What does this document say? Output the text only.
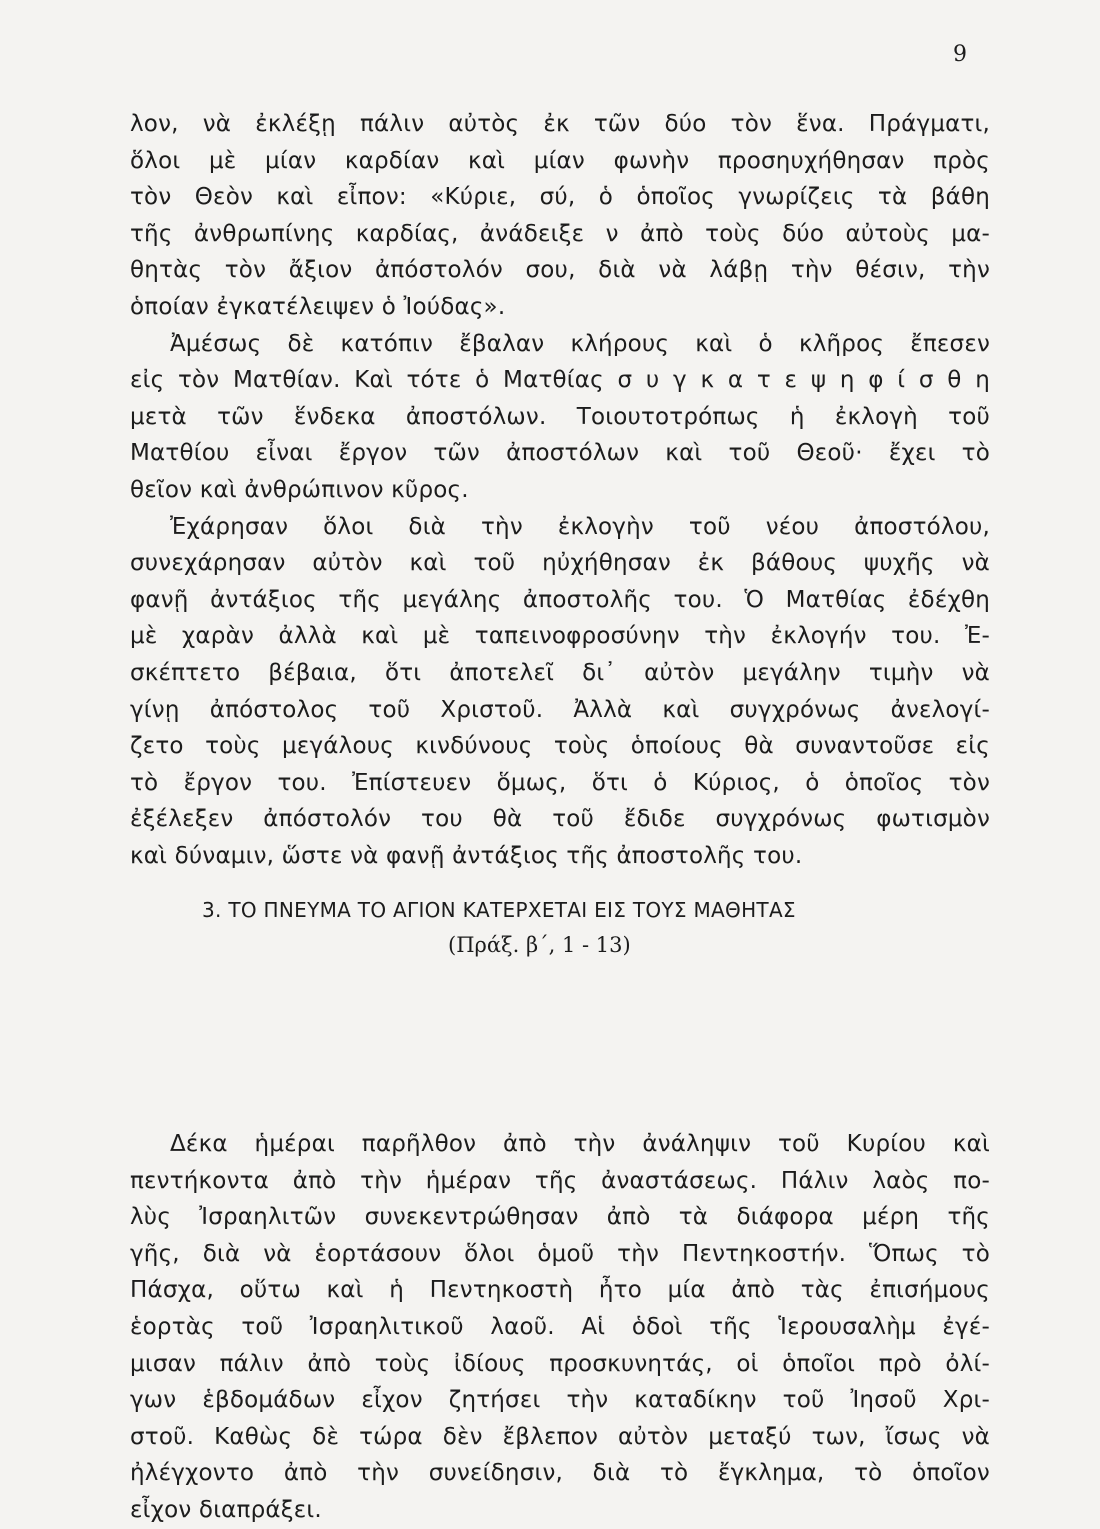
9
λον, νὰ ἐκλέξῃ πάλιν αὐτὸς ἐκ τῶν δύο τὸν ἕνα. Πράγματι,
ὅλοι μὲ μίαν καρδίαν καὶ μίαν φωνὴν προσηυχήθησαν πρὸς
τὸν Θεὸν καὶ εἶπον: «Κύριε, σύ, ὁ ὁποῖος γνωρίζεις τὰ βάθη
τῆς ἀνθρωπίνης καρδίας, ἀνάδειξε ν ἀπὸ τοὺς δύο αὐτοὺς μα-
θητὰς τὸν ἄξιον ἀπόστολόν σου, διὰ νὰ λάβῃ τὴν θέσιν, τὴν
ὁποίαν ἐγκατέλειψεν ὁ Ἰούδας».
Ἀμέσως δὲ κατόπιν ἔβαλαν κλήρους καὶ ὁ κλῆρος ἔπεσεν
εἰς τὸν Ματθίαν. Καὶ τότε ὁ Ματθίας σ υ γ κ α τ ε ψ η φ ί σ θ η
μετὰ τῶν ἕνδεκα ἀποστόλων. Τοιουτοτρόπως ἡ ἐκλογὴ τοῦ
Ματθίου εἶναι ἔργον τῶν ἀποστόλων καὶ τοῦ Θεοῦ· ἔχει τὸ
θεῖον καὶ ἀνθρώπινον κῦρος.
Ἐχάρησαν ὅλοι διὰ τὴν ἐκλογὴν τοῦ νέου ἀποστόλου,
συνεχάρησαν αὐτὸν καὶ τοῦ ηὐχήθησαν ἐκ βάθους ψυχῆς νὰ
φανῇ ἀντάξιος τῆς μεγάλης ἀποστολῆς του. Ὁ Ματθίας ἐδέχθη
μὲ χαρὰν ἀλλὰ καὶ μὲ ταπεινοφροσύνην τὴν ἐκλογήν του. Ἐ-
σκέπτετο βέβαια, ὅτι ἀποτελεῖ δι᾽ αὐτὸν μεγάλην τιμὴν νὰ
γίνῃ ἀπόστολος τοῦ Χριστοῦ. Ἀλλὰ καὶ συγχρόνως ἀνελογί-
ζετο τοὺς μεγάλους κινδύνους τοὺς ὁποίους θὰ συναντοῦσε εἰς
τὸ ἔργον του. Ἐπίστευεν ὅμως, ὅτι ὁ Κύριος, ὁ ὁποῖος τὸν
ἐξέλεξεν ἀπόστολόν του θὰ τοῦ ἔδιδε συγχρόνως φωτισμὸν
καὶ δύναμιν, ὥστε νὰ φανῇ ἀντάξιος τῆς ἀποστολῆς του.
3. ΤΟ ΠΝΕΥΜΑ ΤΟ ΑΓΙΟΝ ΚΑΤΕΡΧΕΤΑΙ ΕΙΣ ΤΟΥΣ ΜΑΘΗΤΑΣ
(Πράξ. β΄, 1 - 13)
Δέκα ἡμέραι παρῆλθον ἀπὸ τὴν ἀνάληψιν τοῦ Κυρίου καὶ
πεντήκοντα ἀπὸ τὴν ἡμέραν τῆς ἀναστάσεως. Πάλιν λαὸς πο-
λὺς Ἰσραηλιτῶν συνεκεντρώθησαν ἀπὸ τὰ διάφορα μέρη τῆς
γῆς, διὰ νὰ ἑορτάσουν ὅλοι ὁμοῦ τὴν Πεντηκοστήν. Ὅπως τὸ
Πάσχα, οὕτω καὶ ἡ Πεντηκοστὴ ἦτο μία ἀπὸ τὰς ἐπισήμους
ἑορτὰς τοῦ Ἰσραηλιτικοῦ λαοῦ. Αἱ ὁδοὶ τῆς Ἱερουσαλὴμ ἐγέ-
μισαν πάλιν ἀπὸ τοὺς ἰδίους προσκυνητάς, οἱ ὁποῖοι πρὸ ὀλί-
γων ἑβδομάδων εἶχον ζητήσει τὴν καταδίκην τοῦ Ἰησοῦ Χρι-
στοῦ. Καθὼς δὲ τώρα δὲν ἔβλεπον αὐτὸν μεταξύ των, ἴσως νὰ
ἠλέγχοντο ἀπὸ τὴν συνείδησιν, διὰ τὸ ἔγκλημα, τὸ ὁποῖον
εἶχον διαπράξει.
